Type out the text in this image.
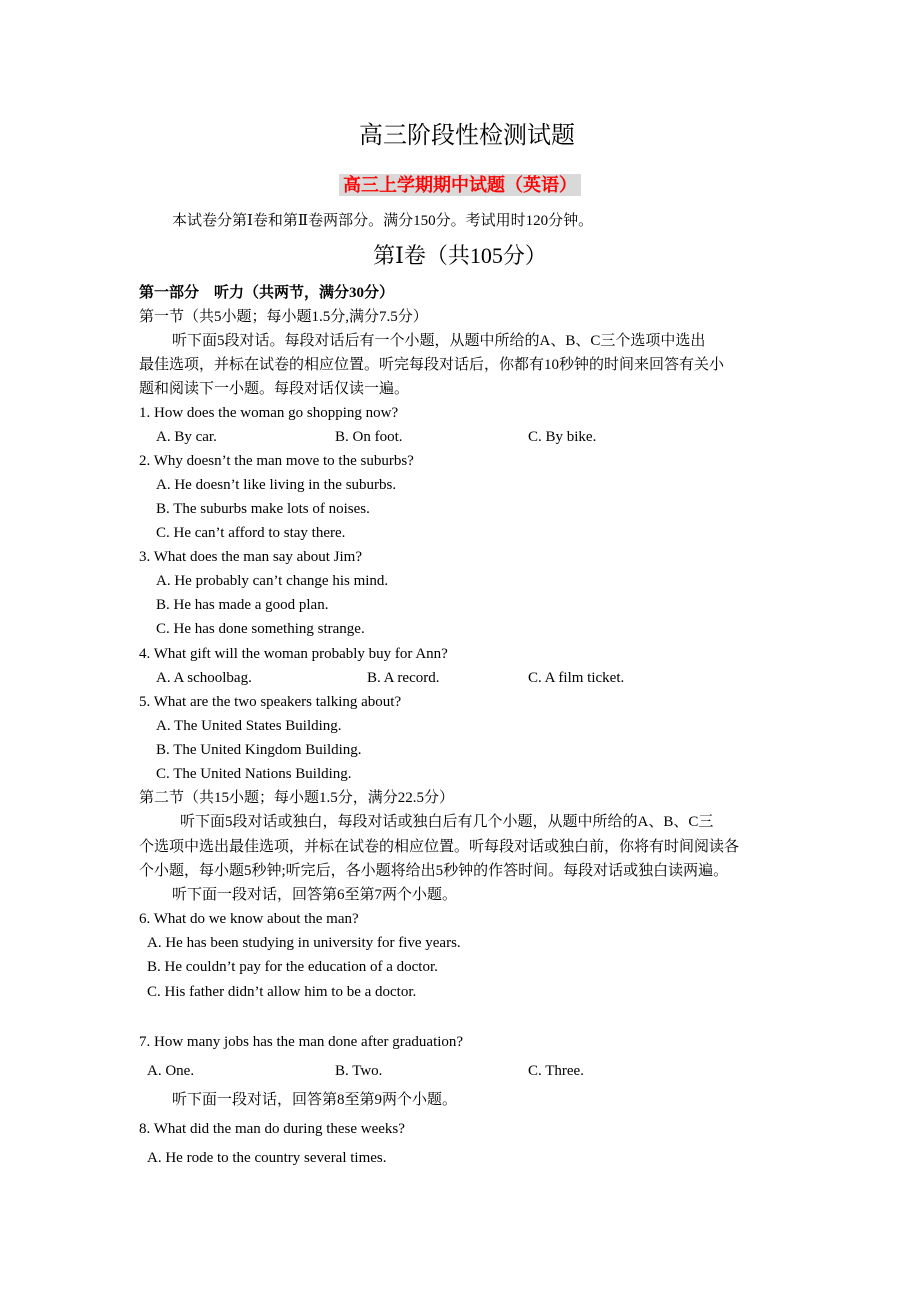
高三阶段性检测试题
高三上学期期中试题（英语）
本试卷分第Ⅰ卷和第Ⅱ卷两部分。满分150分。考试用时120分钟。
第Ⅰ卷（共105分）
第一部分　听力（共两节，满分30分）
第一节（共5小题；每小题1.5分,满分7.5分）
听下面5段对话。每段对话后有一个小题，从题中所给的A、B、C三个选项中选出
最佳选项，并标在试卷的相应位置。听完每段对话后，你都有10秒钟的时间来回答有关小
题和阅读下一小题。每段对话仅读一遍。
1. How does the woman go shopping now?
A. By car.	B. On foot.	C. By bike.
2. Why doesn’t the man move to the suburbs?
A. He doesn’t like living in the suburbs.
B. The suburbs make lots of noises.
C. He can’t afford to stay there.
3. What does the man say about Jim?
A. He probably can’t change his mind.
B. He has made a good plan.
C. He has done something strange.
4. What gift will the woman probably buy for Ann?
A. A schoolbag.	B. A record.	C. A film ticket.
5. What are the two speakers talking about?
A. The United States Building.
B. The United Kingdom Building.
C. The United Nations Building.
第二节（共15小题；每小题1.5分，满分22.5分）
听下面5段对话或独白，每段对话或独白后有几个小题，从题中所给的A、B、C三
个选项中选出最佳选项，并标在试卷的相应位置。听每段对话或独白前，你将有时间阅读各
个小题，每小题5秒钟;听完后，各小题将给出5秒钟的作答时间。每段对话或独白读两遍。
听下面一段对话，回答第6至第7两个小题。
6. What do we know about the man?
A. He has been studying in university for five years.
B. He couldn’t pay for the education of a doctor.
C. His father didn’t allow him to be a doctor.
7. How many jobs has the man done after graduation?
A. One.	B. Two.	C. Three.
听下面一段对话，回答第8至第9两个小题。
8. What did the man do during these weeks?
A. He rode to the country several times.
